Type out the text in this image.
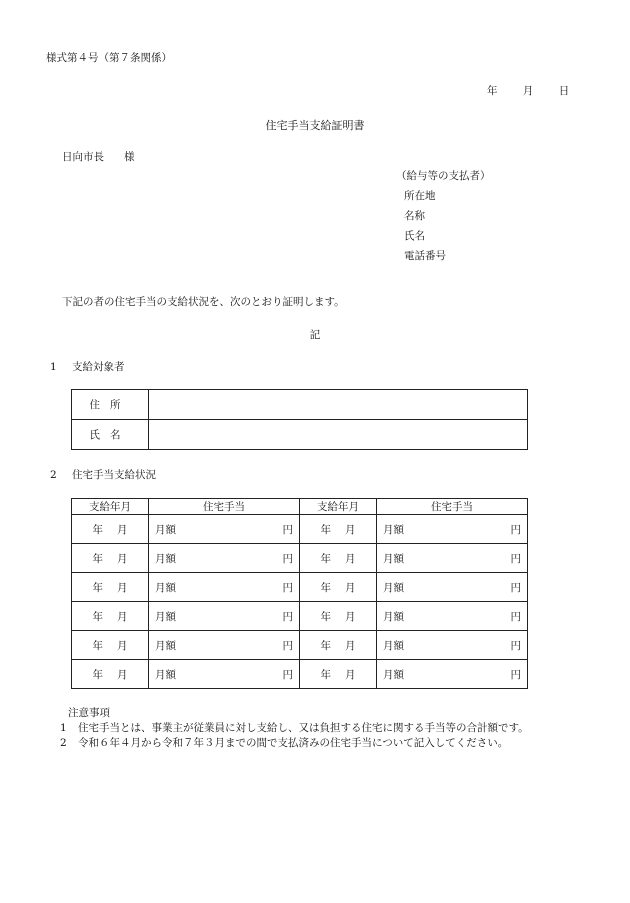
様式第４号（第７条関係）
年 月 日
住宅手当支給証明書
日向市長 様
（給与等の支払者）
所在地
名称
氏名
電話番号
下記の者の住宅手当の支給状況を、次のとおり証明します。
記
1 支給対象者
住所	
氏名	
2 住宅手当支給状況
支給年月	住宅手当	支給年月	住宅手当
年 月	月額 円	年 月	月額 円

年 月	月額 円	年 月	月額 円

年 月	月額 円	年 月	月額 円

年 月	月額 円	年 月	月額 円

年 月	月額 円	年 月	月額 円

年 月	月額 円	年 月	月額 円
注意事項
1 住宅手当とは、事業主が従業員に対し支給し、又は負担する住宅に関する手当等の合計額です。
2 令和６年４月から令和７年３月までの間で支払済みの住宅手当について記入してください。
